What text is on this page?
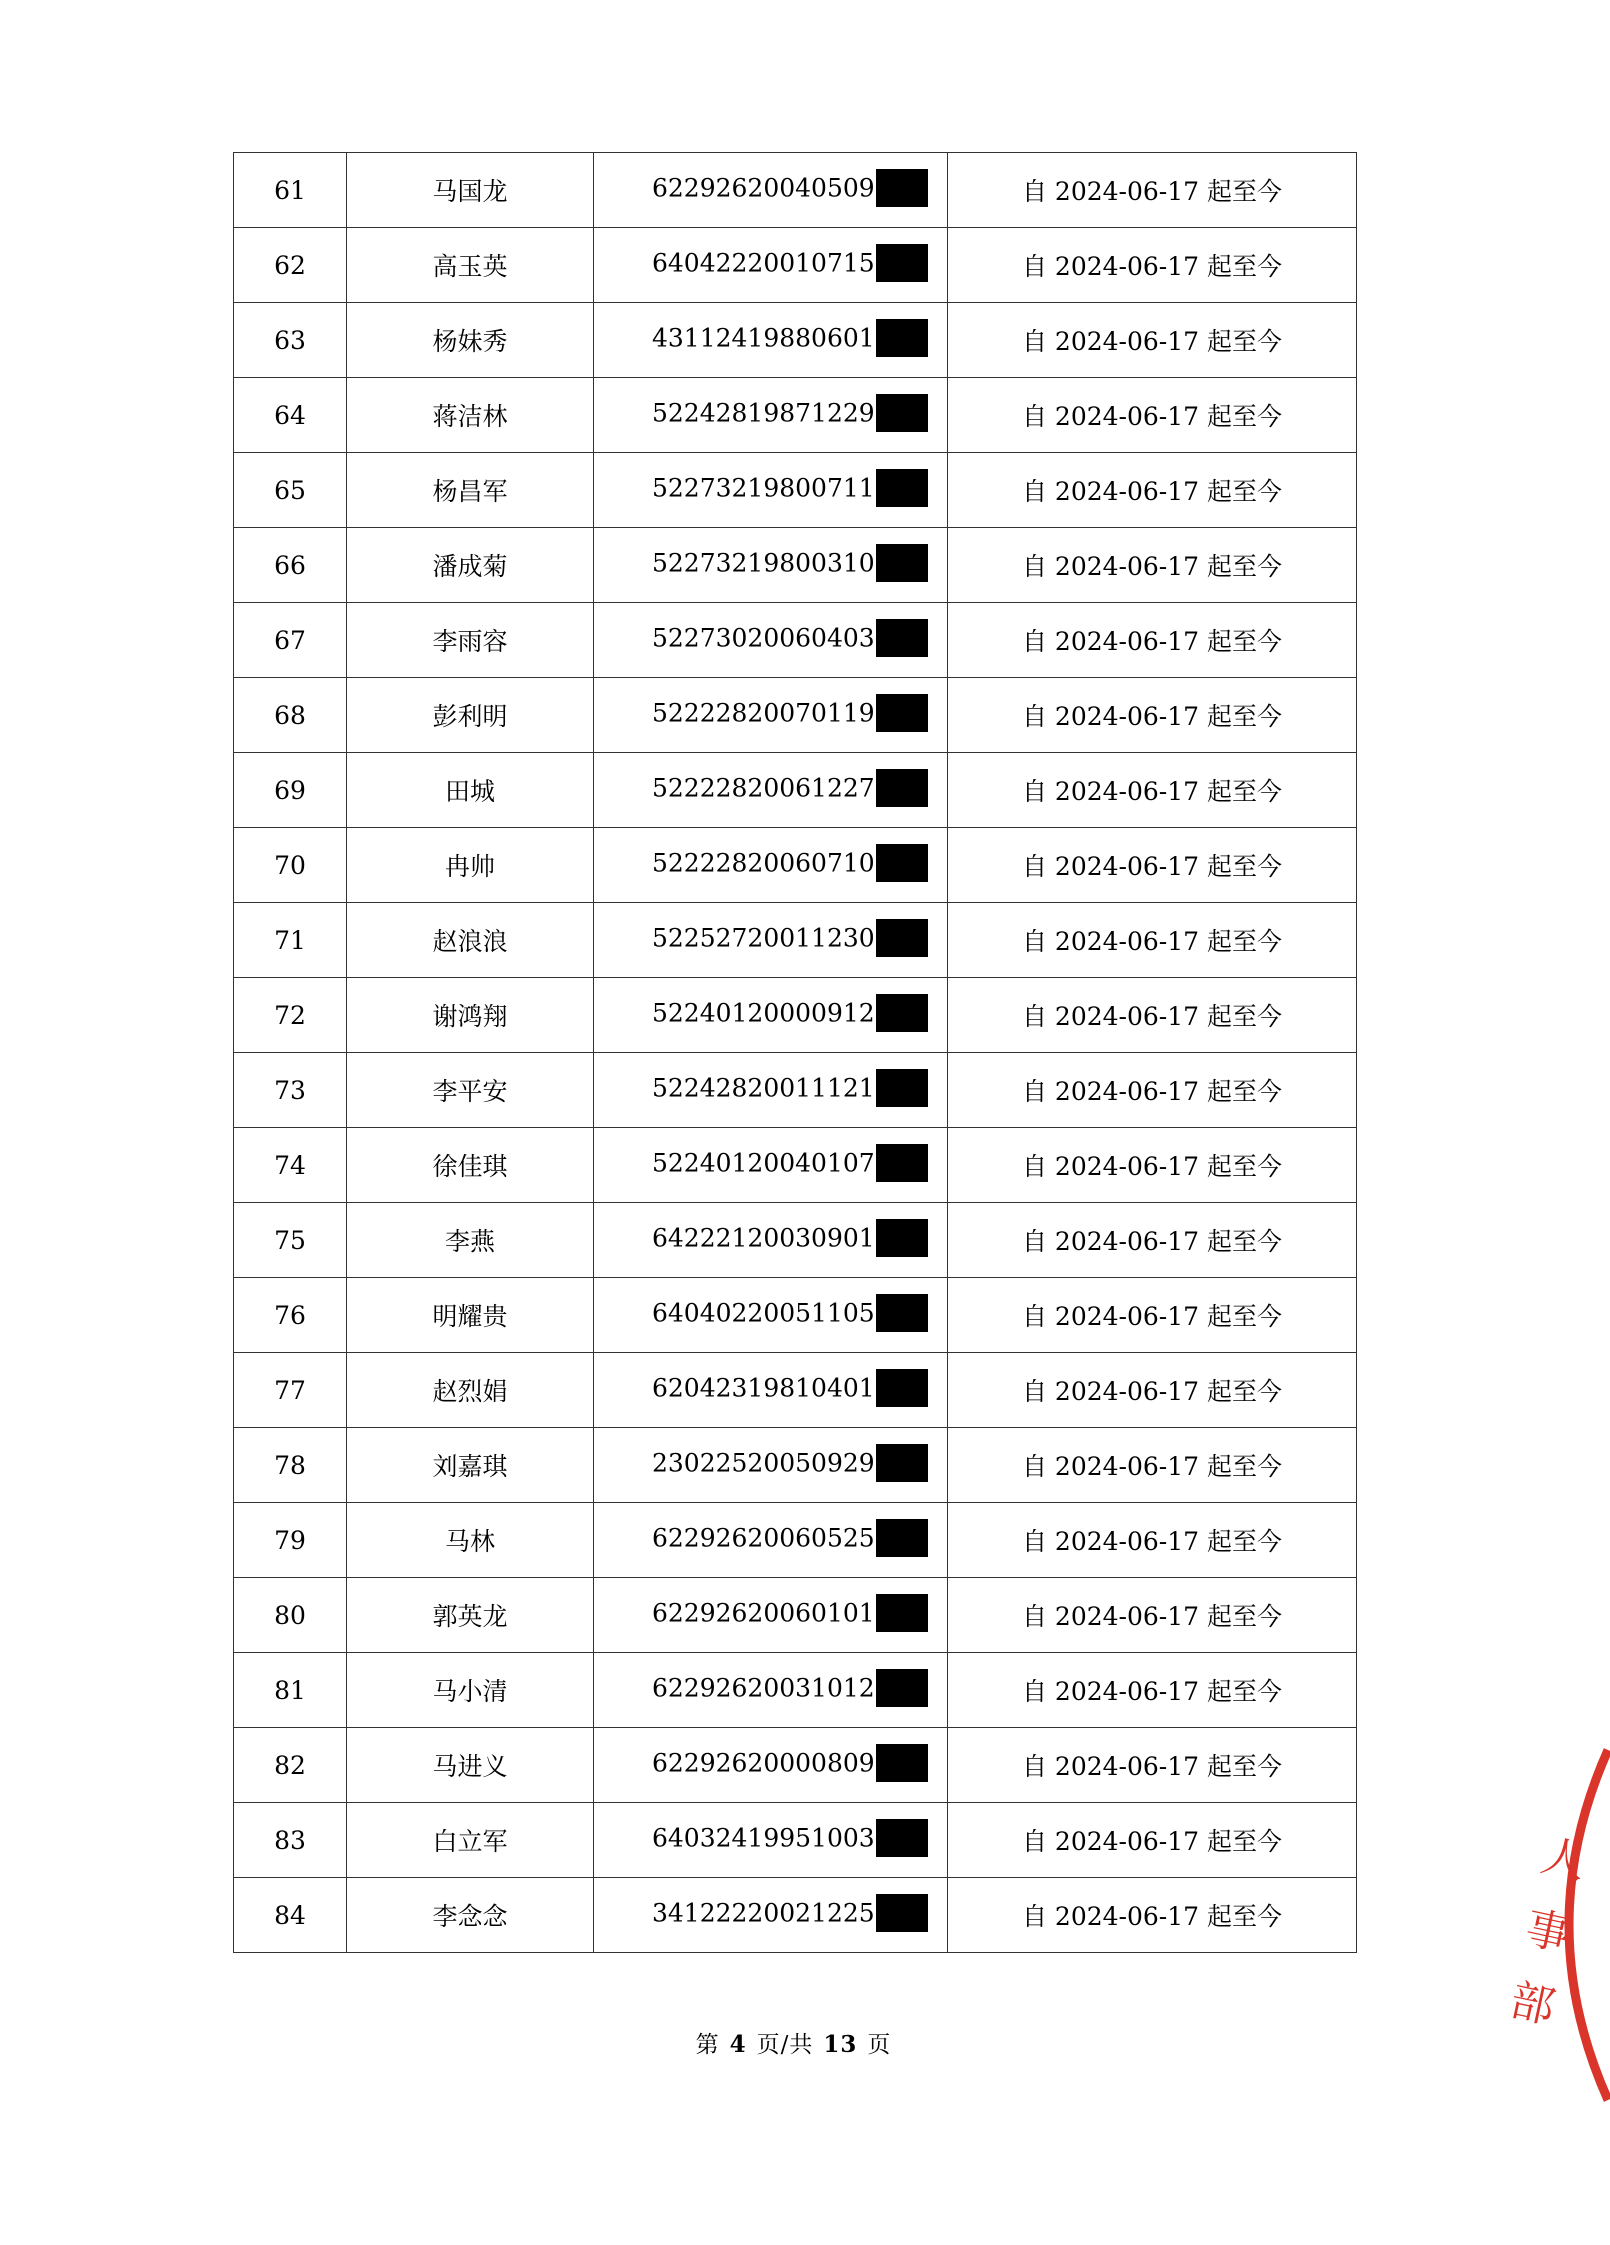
61	马国龙	62292620040509	自 2024-06-17 起至今
62	高玉英	64042220010715	自 2024-06-17 起至今
63	杨妹秀	43112419880601	自 2024-06-17 起至今
64	蒋洁林	52242819871229	自 2024-06-17 起至今
65	杨昌军	52273219800711	自 2024-06-17 起至今
66	潘成菊	52273219800310	自 2024-06-17 起至今
67	李雨容	52273020060403	自 2024-06-17 起至今
68	彭利明	52222820070119	自 2024-06-17 起至今
69	田城	52222820061227	自 2024-06-17 起至今
70	冉帅	52222820060710	自 2024-06-17 起至今
71	赵浪浪	52252720011230	自 2024-06-17 起至今
72	谢鸿翔	52240120000912	自 2024-06-17 起至今
73	李平安	52242820011121	自 2024-06-17 起至今
74	徐佳琪	52240120040107	自 2024-06-17 起至今
75	李燕	64222120030901	自 2024-06-17 起至今
76	明耀贵	64040220051105	自 2024-06-17 起至今
77	赵烈娟	62042319810401	自 2024-06-17 起至今
78	刘嘉琪	23022520050929	自 2024-06-17 起至今
79	马林	62292620060525	自 2024-06-17 起至今
80	郭英龙	62292620060101	自 2024-06-17 起至今
81	马小清	62292620031012	自 2024-06-17 起至今
82	马进义	62292620000809	自 2024-06-17 起至今
83	白立军	64032419951003	自 2024-06-17 起至今
84	李念念	34122220021225	自 2024-06-17 起至今
第 4 页/共 13 页	人事部
